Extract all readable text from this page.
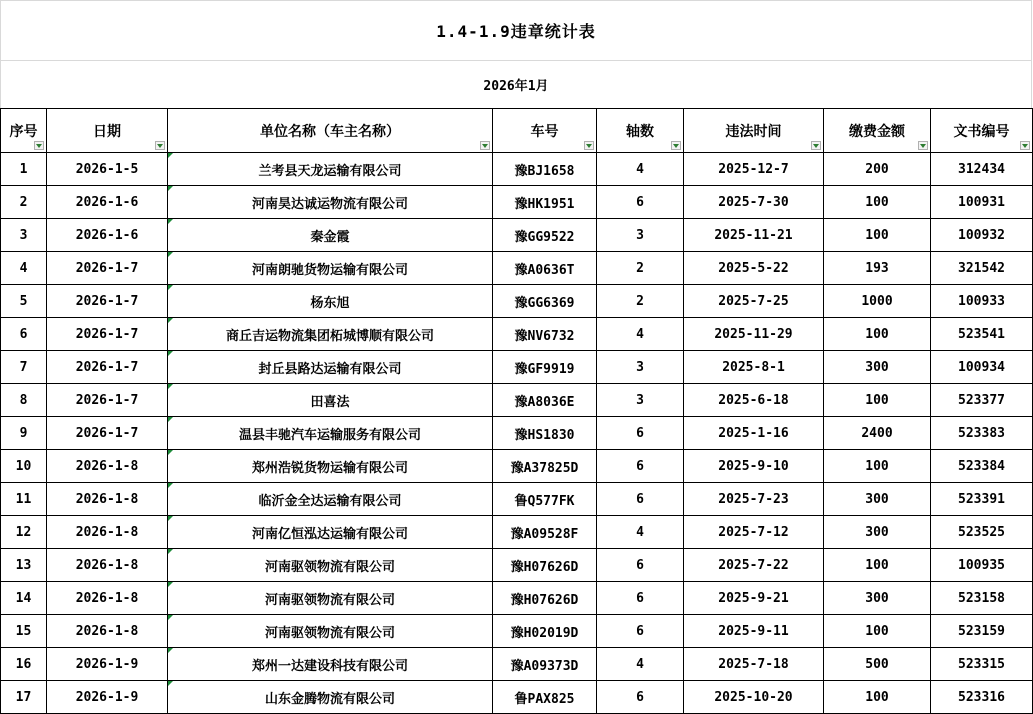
1.4-1.9违章统计表
2026年1月
序号	日期	单位名称（车主名称）	车号	轴数	违法时间	缴费金额	文书编号

1	2026-1-5	兰考县天龙运输有限公司	豫BJ1658	4	2025-12-7	200	312434
2	2026-1-6	河南昊达诚运物流有限公司	豫HK1951	6	2025-7-30	100	100931
3	2026-1-6	秦金霞	豫GG9522	3	2025-11-21	100	100932
4	2026-1-7	河南朗驰货物运输有限公司	豫A0636T	2	2025-5-22	193	321542
5	2026-1-7	杨东旭	豫GG6369	2	2025-7-25	1000	100933
6	2026-1-7	商丘吉运物流集团柘城博顺有限公司	豫NV6732	4	2025-11-29	100	523541
7	2026-1-7	封丘县路达运输有限公司	豫GF9919	3	2025-8-1	300	100934
8	2026-1-7	田喜法	豫A8036E	3	2025-6-18	100	523377
9	2026-1-7	温县丰驰汽车运输服务有限公司	豫HS1830	6	2025-1-16	2400	523383
10	2026-1-8	郑州浩锐货物运输有限公司	豫A37825D	6	2025-9-10	100	523384
11	2026-1-8	临沂金全达运输有限公司	鲁Q577FK	6	2025-7-23	300	523391
12	2026-1-8	河南亿恒泓达运输有限公司	豫A09528F	4	2025-7-12	300	523525
13	2026-1-8	河南驱领物流有限公司	豫H07626D	6	2025-7-22	100	100935
14	2026-1-8	河南驱领物流有限公司	豫H07626D	6	2025-9-21	300	523158
15	2026-1-8	河南驱领物流有限公司	豫H02019D	6	2025-9-11	100	523159
16	2026-1-9	郑州一达建设科技有限公司	豫A09373D	4	2025-7-18	500	523315
17	2026-1-9	山东金腾物流有限公司	鲁PAX825	6	2025-10-20	100	523316
